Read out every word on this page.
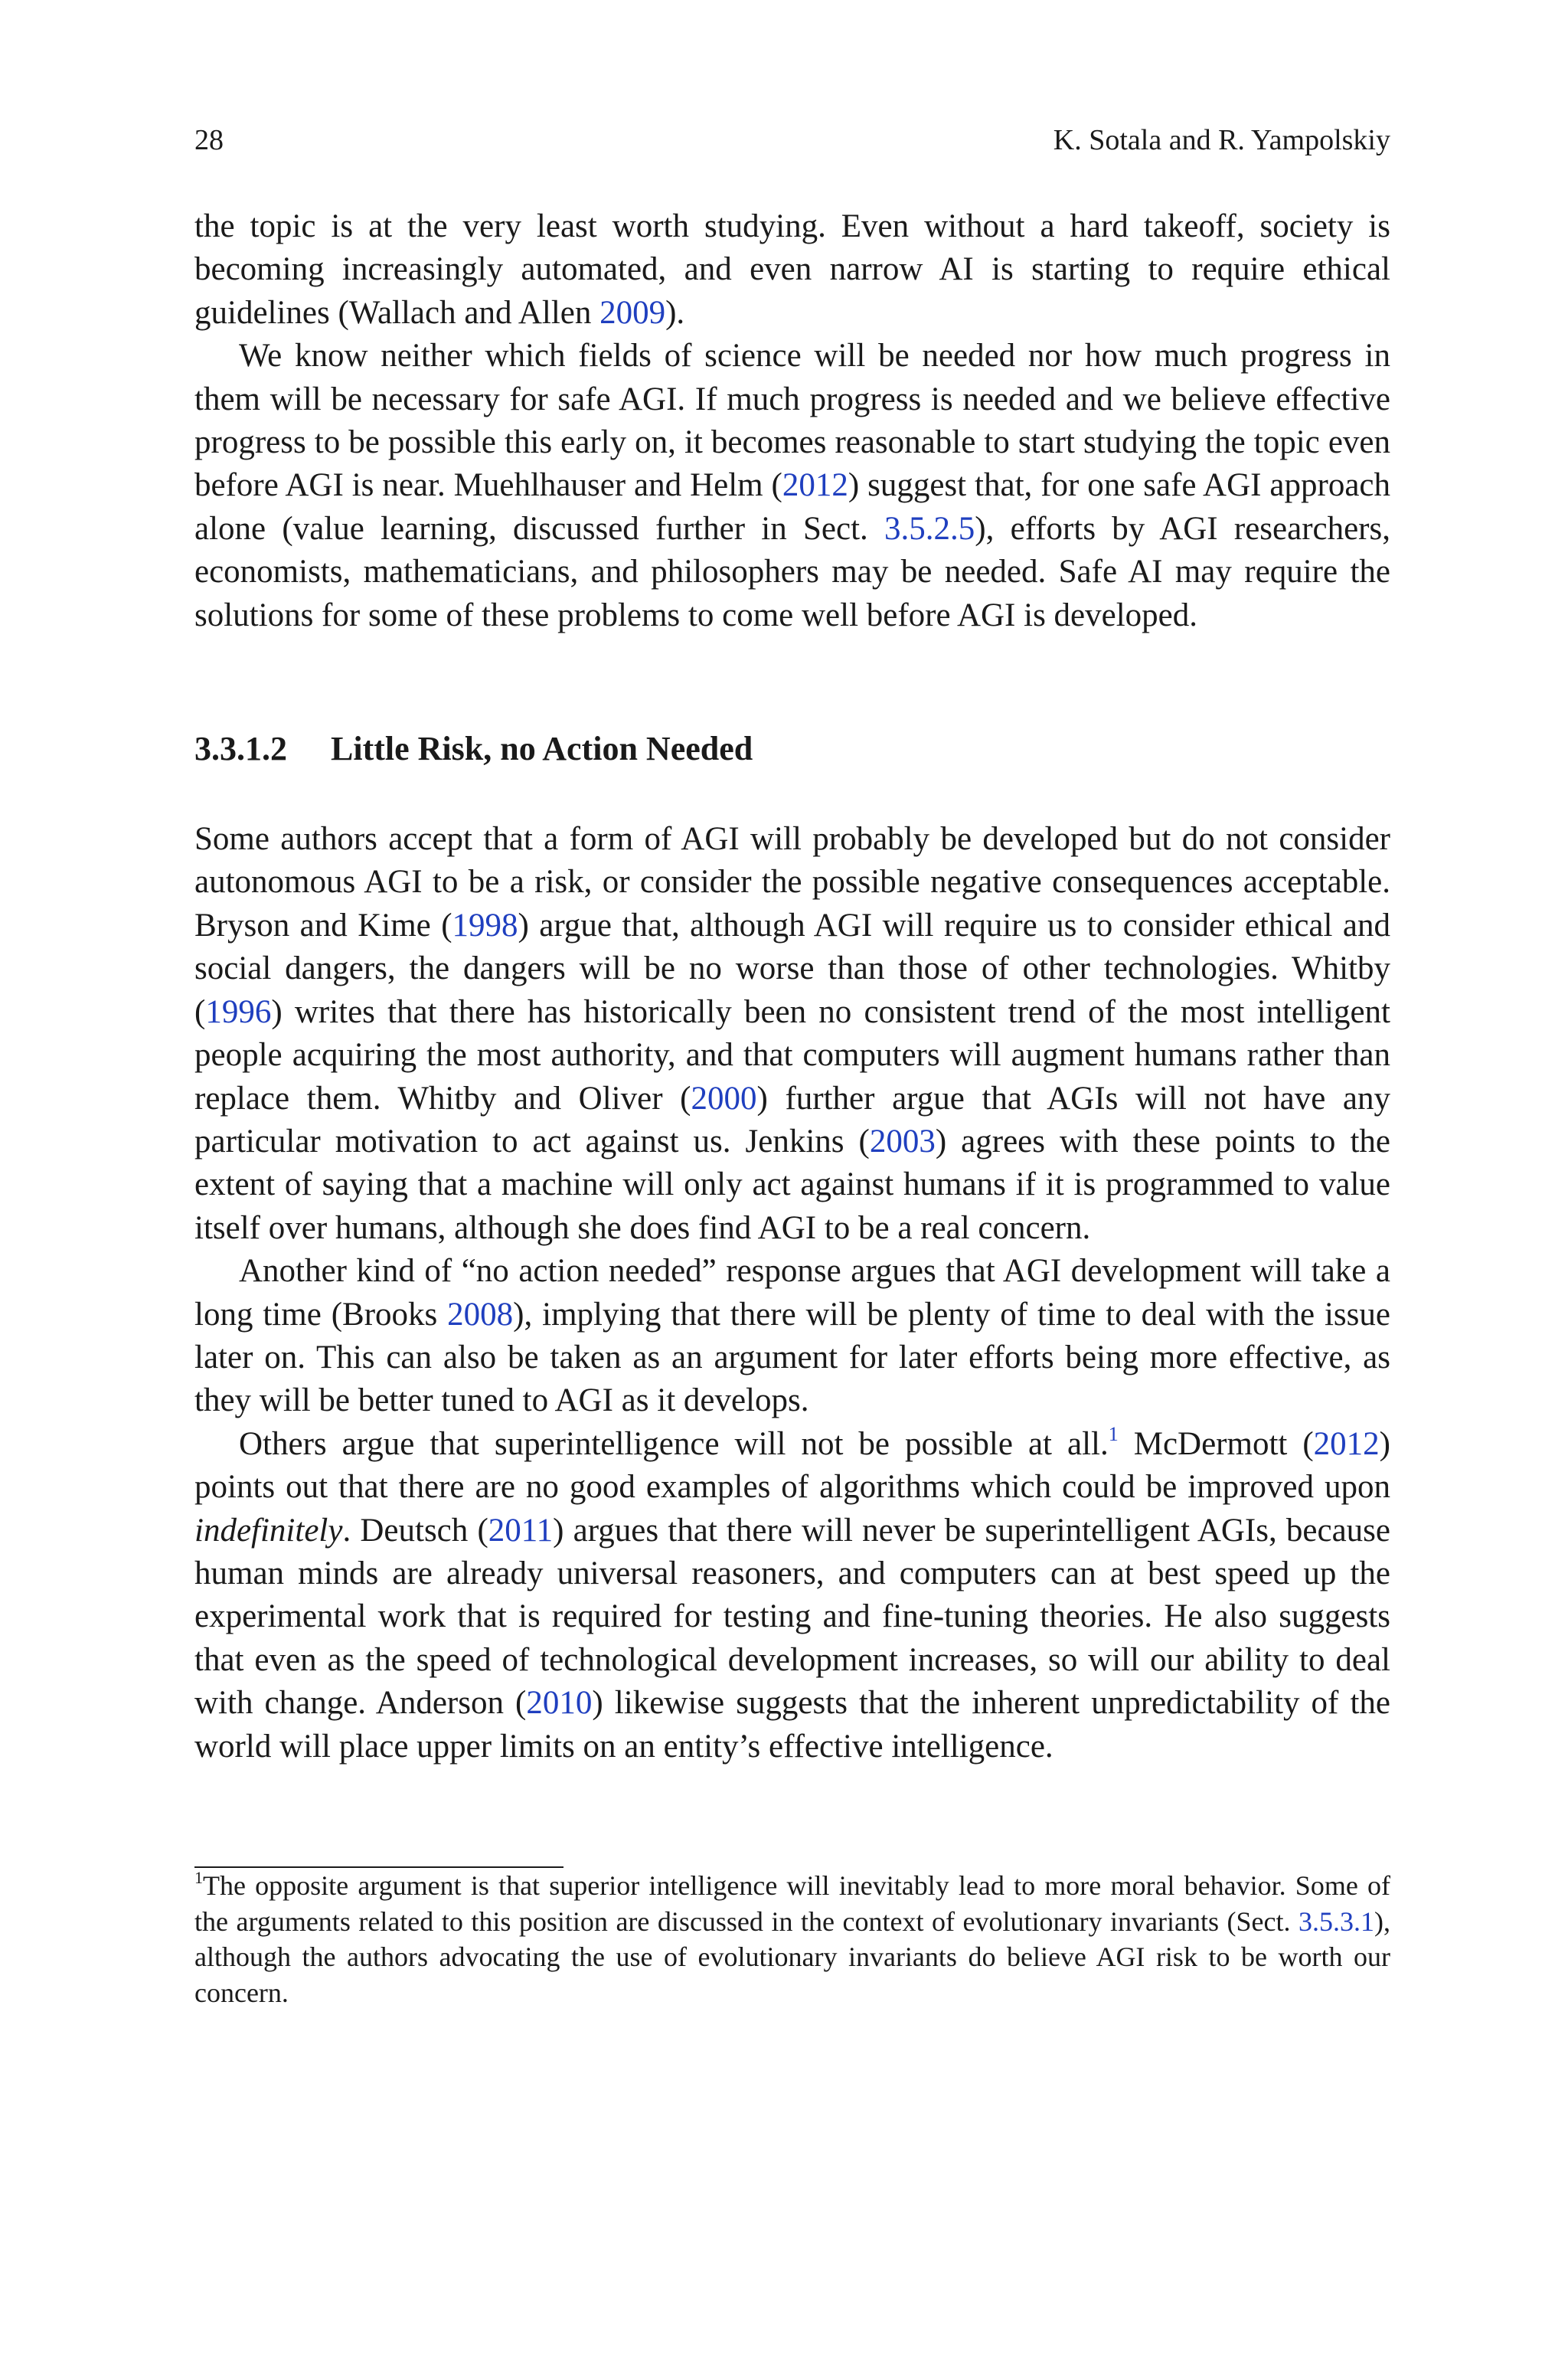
28	K. Sotala and R. Yampolskiy

the topic is at the very least worth studying. Even without a hard takeoff, society is becoming increasingly automated, and even narrow AI is starting to require ethical guidelines (Wallach and Allen 2009).

We know neither which fields of science will be needed nor how much progress in them will be necessary for safe AGI. If much progress is needed and we believe effective progress to be possible this early on, it becomes reasonable to start studying the topic even before AGI is near. Muehlhauser and Helm (2012) suggest that, for one safe AGI approach alone (value learning, discussed further in Sect. 3.5.2.5), efforts by AGI researchers, economists, mathematicians, and philosophers may be needed. Safe AI may require the solutions for some of these problems to come well before AGI is developed.

3.3.1.2 Little Risk, no Action Needed

Some authors accept that a form of AGI will probably be developed but do not consider autonomous AGI to be a risk, or consider the possible negative consequences acceptable. Bryson and Kime (1998) argue that, although AGI will require us to consider ethical and social dangers, the dangers will be no worse than those of other technologies. Whitby (1996) writes that there has historically been no consistent trend of the most intelligent people acquiring the most authority, and that computers will augment humans rather than replace them. Whitby and Oliver (2000) further argue that AGIs will not have any particular motivation to act against us. Jenkins (2003) agrees with these points to the extent of saying that a machine will only act against humans if it is programmed to value itself over humans, although she does find AGI to be a real concern.

Another kind of “no action needed” response argues that AGI development will take a long time (Brooks 2008), implying that there will be plenty of time to deal with the issue later on. This can also be taken as an argument for later efforts being more effective, as they will be better tuned to AGI as it develops.

Others argue that superintelligence will not be possible at all.$^1$ McDermott (2012) points out that there are no good examples of algorithms which could be improved upon indefinitely. Deutsch (2011) argues that there will never be superintelligent AGIs, because human minds are already universal reasoners, and computers can at best speed up the experimental work that is required for testing and fine-tuning theories. He also suggests that even as the speed of technological development increases, so will our ability to deal with change. Anderson (2010) likewise suggests that the inherent unpredictability of the world will place upper limits on an entity’s effective intelligence.

$^1$The opposite argument is that superior intelligence will inevitably lead to more moral behavior. Some of the arguments related to this position are discussed in the context of evolutionary invariants (Sect. 3.5.3.1), although the authors advocating the use of evolutionary invariants do believe AGI risk to be worth our concern.
